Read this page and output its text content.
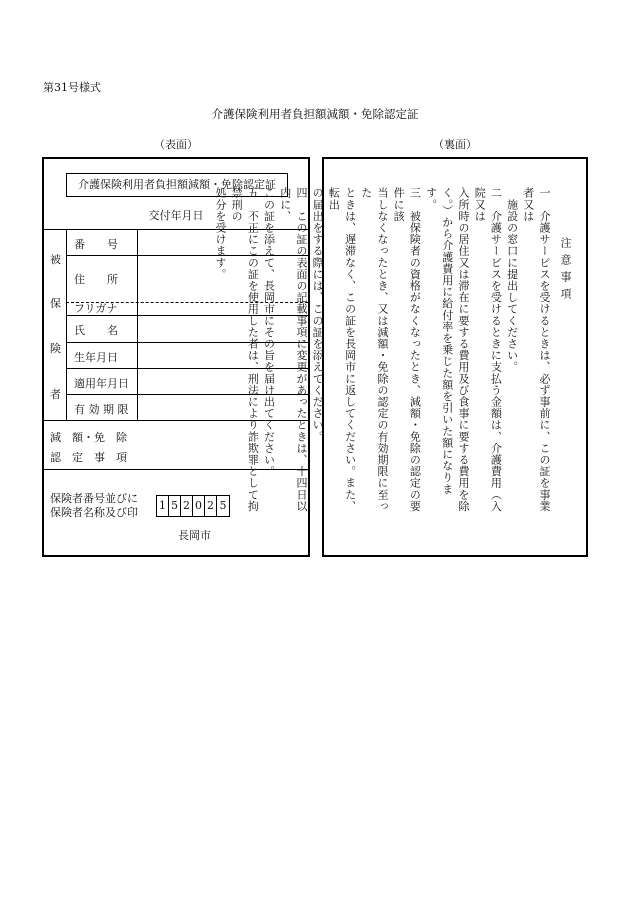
第31号様式
介護保険利用者負担額減額・免除認定証
（表面）	（裏面）
介護保険利用者負担額減額・免除認定証
交付年月日
被
保
険
者
番　　号
住　　所
フリガナ
氏　　名
生年月日
適用年月日
有 効 期 限
減　額・免　除
認　定　事　項
保険者番号並びに保険者名称及び印
1 5 2 0 2 5
長岡市
注意事項
一　介護サービスを受けるときは、必ず事前に、この証を事業者又は
　施設の窓口に提出してください。
二　介護サービスを受けるときに支払う金額は、介護費用（入院又は
入所時の居住又は滞在に要する費用及び食事に要する費用を除
く。）から介護費用に給付率を乗じた額を引いた額になります。
三　被保険者の資格がなくなったとき、減額・免除の認定の要件に該
当しなくなったとき、又は減額・免除の認定の有効期限に至った
ときは、遅滞なく、この証を長岡市に返してください。また、転出
の届出をする際には、この証を添えてください。
四　この証の表面の記載事項に変更があったときは、十四日以内に、
この証を添えて、長岡市にその旨を届け出てください。
五　不正にこの証を使用した者は、刑法により詐欺罪として拘禁刑の
処分を受けます。
